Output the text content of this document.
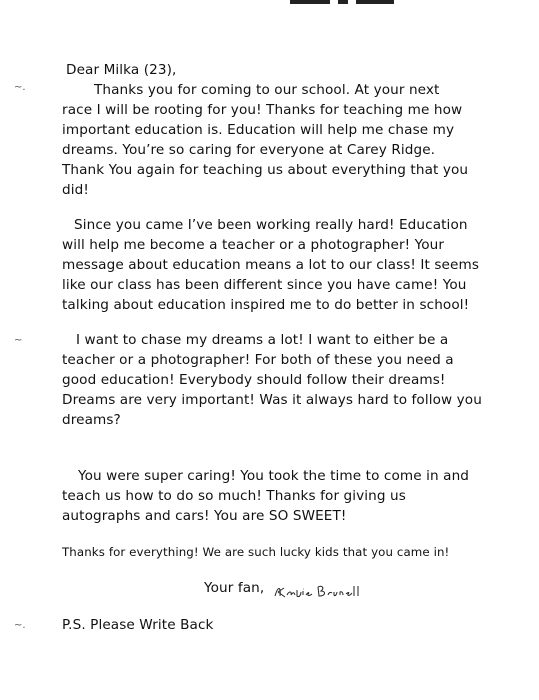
~.
~
~.
Dear Milka (23),
Thanks you for coming to our school. At your next
race I will be rooting for you! Thanks for teaching me how
important education is. Education will help me chase my
dreams. You’re so caring for everyone at Carey Ridge.
Thank You again for teaching us about everything that you
did!
Since you came I’ve been working really hard! Education
will help me become a teacher or a photographer! Your
message about education means a lot to our class! It seems
like our class has been different since you have came! You
talking about education inspired me to do better in school!
I want to chase my dreams a lot! I want to either be a
teacher or a photographer! For both of these you need a
good education! Everybody should follow their dreams!
Dreams are very important! Was it always hard to follow you
dreams?
You were super caring! You took the time to come in and
teach us how to do so much! Thanks for giving us
autographs and cars! You are SO SWEET!
Thanks for everything! We are such lucky kids that you came in!
Your fan,
P.S. Please Write Back
